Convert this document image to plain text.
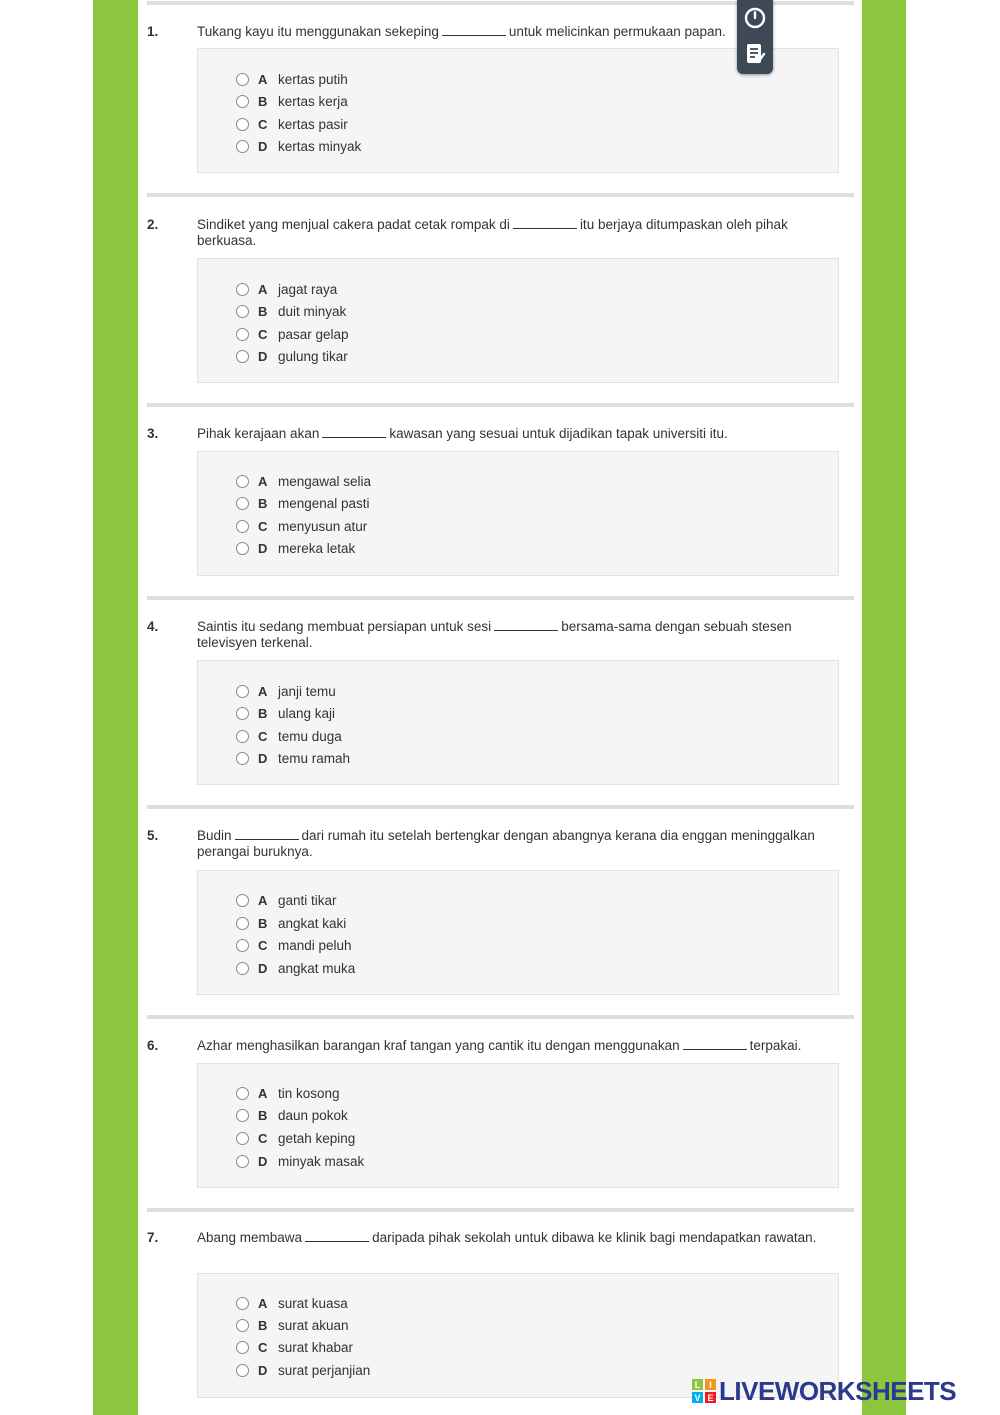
1.	Tukang kayu itu menggunakan sekeping	untuk melicinkan permukaan papan.
A kertas putih
B kertas kerja
C kertas pasir
D kertas minyak
2.	Sindiket yang menjual cakera padat cetak rompak di	itu berjaya ditumpaskan oleh pihak berkuasa.
A jagat raya
B duit minyak
C pasar gelap
D gulung tikar
3.	Pihak kerajaan akan	kawasan yang sesuai untuk dijadikan tapak universiti itu.
A mengawal selia
B mengenal pasti
C menyusun atur
D mereka letak
4.	Saintis itu sedang membuat persiapan untuk sesi	bersama-sama dengan sebuah stesen televisyen terkenal.
A janji temu
B ulang kaji
C temu duga
D temu ramah
5.	Budin	dari rumah itu setelah bertengkar dengan abangnya kerana dia enggan meninggalkan perangai buruknya.
A ganti tikar
B angkat kaki
C mandi peluh
D angkat muka
6.	Azhar menghasilkan barangan kraf tangan yang cantik itu dengan menggunakan	terpakai.
A tin kosong
B daun pokok
C getah keping
D minyak masak
7.	Abang membawa	daripada pihak sekolah untuk dibawa ke klinik bagi mendapatkan rawatan.
A surat kuasa
B surat akuan
C surat khabar
D surat perjanjian
L I
V E LIVEWORKSHEETS
